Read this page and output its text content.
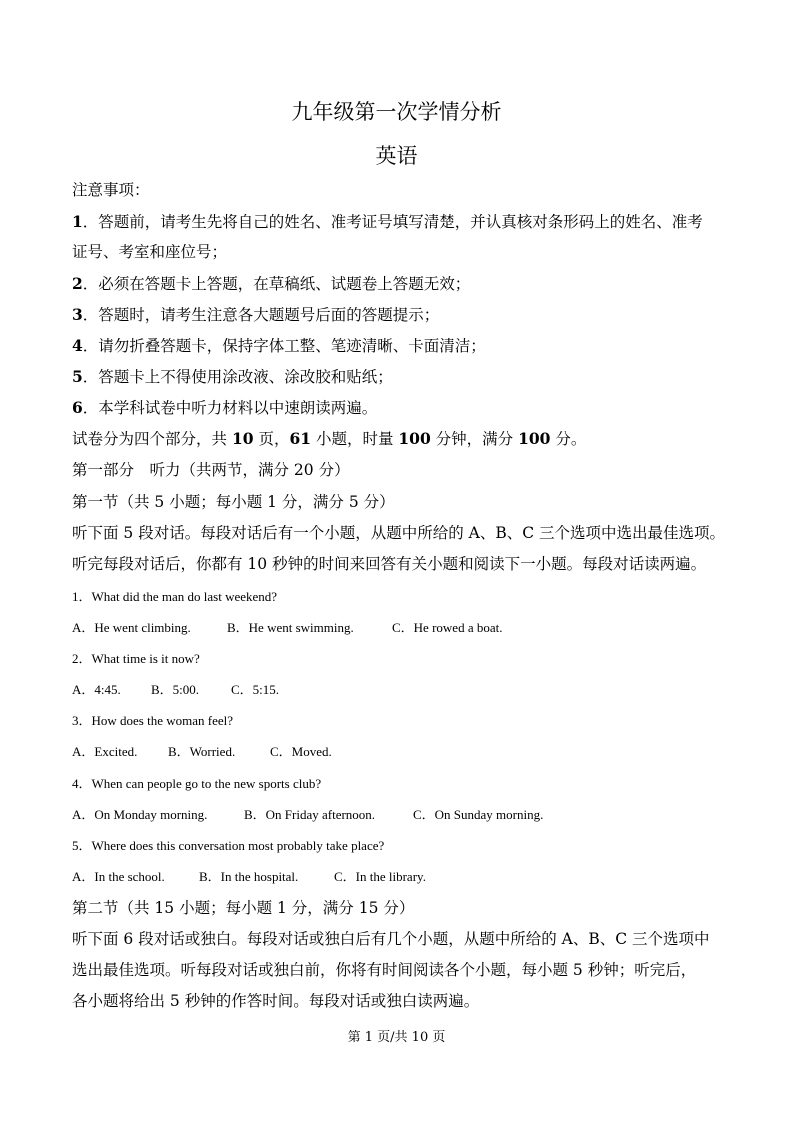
九年级第一次学情分析
英语
注意事项：
1．答题前，请考生先将自己的姓名、准考证号填写清楚，并认真核对条形码上的姓名、准考
证号、考室和座位号；
2．必须在答题卡上答题，在草稿纸、试题卷上答题无效；
3．答题时，请考生注意各大题题号后面的答题提示；
4．请勿折叠答题卡，保持字体工整、笔迹清晰、卡面清洁；
5．答题卡上不得使用涂改液、涂改胶和贴纸；
6．本学科试卷中听力材料以中速朗读两遍。
试卷分为四个部分，共 10 页，61 小题，时量 100 分钟，满分 100 分。
第一部分　听力（共两节，满分 20 分）
第一节（共 5 小题；每小题 1 分，满分 5 分）
听下面 5 段对话。每段对话后有一个小题，从题中所给的 A、B、C 三个选项中选出最佳选项。
听完每段对话后，你都有 10 秒钟的时间来回答有关小题和阅读下一小题。每段对话读两遍。
1．What did the man do last weekend?
A．He went climbing.	B．He went swimming.	C．He rowed a boat.
2．What time is it now?
A．4:45. B．5:00. C．5:15.
3．How does the woman feel?
A．Excited. B．Worried.	C．Moved.
4．When can people go to the new sports club?
A．On Monday morning.	B．On Friday afternoon.	C．On Sunday morning.
5．Where does this conversation most probably take place?
A．In the school.	B．In the hospital.	C．In the library.
第二节（共 15 小题；每小题 1 分，满分 15 分）
听下面 6 段对话或独白。每段对话或独白后有几个小题，从题中所给的 A、B、C 三个选项中
选出最佳选项。听每段对话或独白前，你将有时间阅读各个小题，每小题 5 秒钟；听完后，
各小题将给出 5 秒钟的作答时间。每段对话或独白读两遍。
第 1 页/共 10 页
